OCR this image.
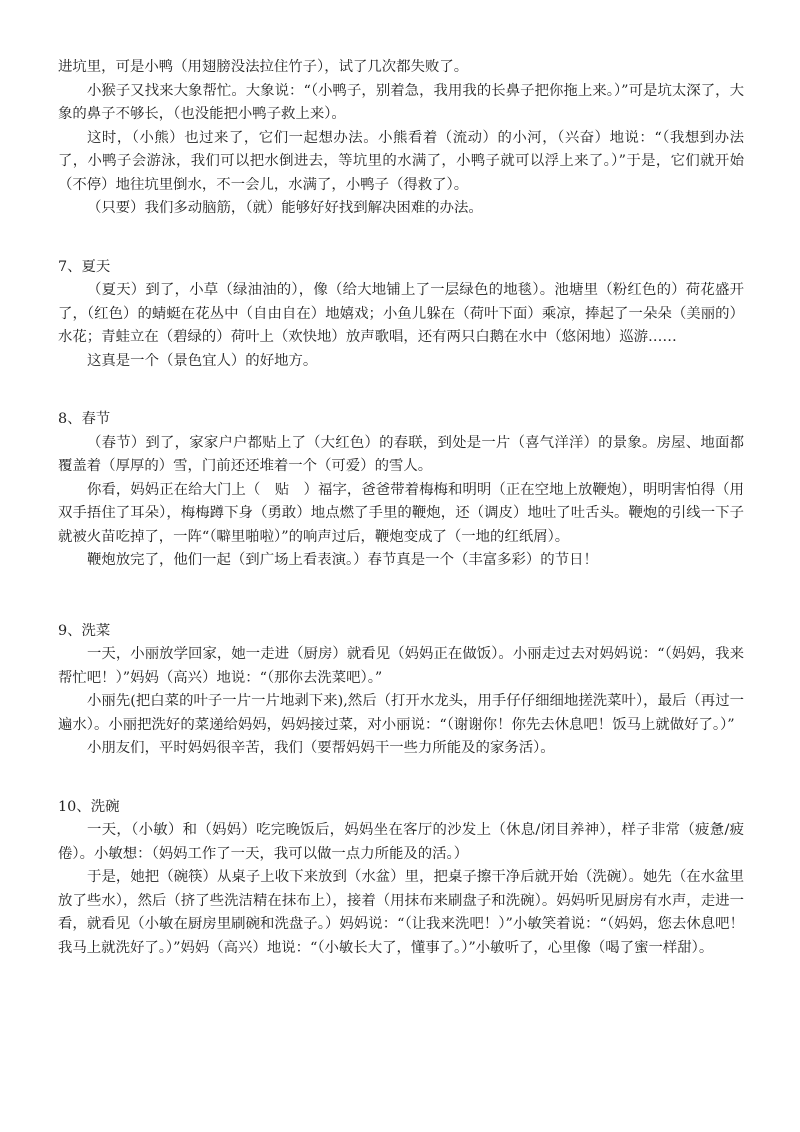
进坑里，可是小鸭（用翅膀没法拉住竹子），试了几次都失败了。

小猴子又找来大象帮忙。大象说：“（小鸭子，别着急，我用我的长鼻子把你拖上来。）”可是坑太深了，大象的鼻子不够长，（也没能把小鸭子救上来）。

这时，（小熊）也过来了，它们一起想办法。小熊看着（流动）的小河，（兴奋）地说：“（我想到办法了，小鸭子会游泳，我们可以把水倒进去，等坑里的水满了，小鸭子就可以浮上来了。）”于是，它们就开始（不停）地往坑里倒水，不一会儿，水满了，小鸭子（得救了）。

（只要）我们多动脑筋，（就）能够好好找到解决困难的办法。

7、夏天

（夏天）到了，小草（绿油油的），像（给大地铺上了一层绿色的地毯）。池塘里（粉红色的）荷花盛开了，（红色）的蜻蜓在花丛中（自由自在）地嬉戏；小鱼儿躲在（荷叶下面）乘凉，捧起了一朵朵（美丽的）水花；青蛙立在（碧绿的）荷叶上（欢快地）放声歌唱，还有两只白鹅在水中（悠闲地）巡游……

这真是一个（景色宜人）的好地方。

8、春节

（春节）到了，家家户户都贴上了（大红色）的春联，到处是一片（喜气洋洋）的景象。房屋、地面都覆盖着（厚厚的）雪，门前还还堆着一个（可爱）的雪人。

你看，妈妈正在给大门上（　贴　）福字，爸爸带着梅梅和明明（正在空地上放鞭炮），明明害怕得（用双手捂住了耳朵），梅梅蹲下身（勇敢）地点燃了手里的鞭炮，还（调皮）地吐了吐舌头。鞭炮的引线一下子就被火苗吃掉了，一阵“（噼里啪啦）”的响声过后，鞭炮变成了（一地的红纸屑）。

鞭炮放完了，他们一起（到广场上看表演。）春节真是一个（丰富多彩）的节日！

9、洗菜

一天，小丽放学回家，她一走进（厨房）就看见（妈妈正在做饭）。小丽走过去对妈妈说：“（妈妈，我来帮忙吧！）”妈妈（高兴）地说：“（那你去洗菜吧）。”

小丽先(把白菜的叶子一片一片地剥下来),然后（打开水龙头，用手仔仔细细地搓洗菜叶），最后（再过一遍水）。小丽把洗好的菜递给妈妈，妈妈接过菜，对小丽说：“（谢谢你！你先去休息吧！饭马上就做好了。）”

小朋友们，平时妈妈很辛苦，我们（要帮妈妈干一些力所能及的家务活）。

10、洗碗

一天，（小敏）和（妈妈）吃完晚饭后，妈妈坐在客厅的沙发上（休息/闭目养神），样子非常（疲惫/疲倦）。小敏想：（妈妈工作了一天，我可以做一点力所能及的活。）

于是，她把（碗筷）从桌子上收下来放到（水盆）里，把桌子擦干净后就开始（洗碗）。她先（在水盆里放了些水），然后（挤了些洗洁精在抹布上），接着（用抹布来刷盘子和洗碗）。妈妈听见厨房有水声，走进一看，就看见（小敏在厨房里刷碗和洗盘子。）妈妈说：“（让我来洗吧！）”小敏笑着说：“（妈妈，您去休息吧！我马上就洗好了。）”妈妈（高兴）地说：“（小敏长大了，懂事了。）”小敏听了，心里像（喝了蜜一样甜）。
